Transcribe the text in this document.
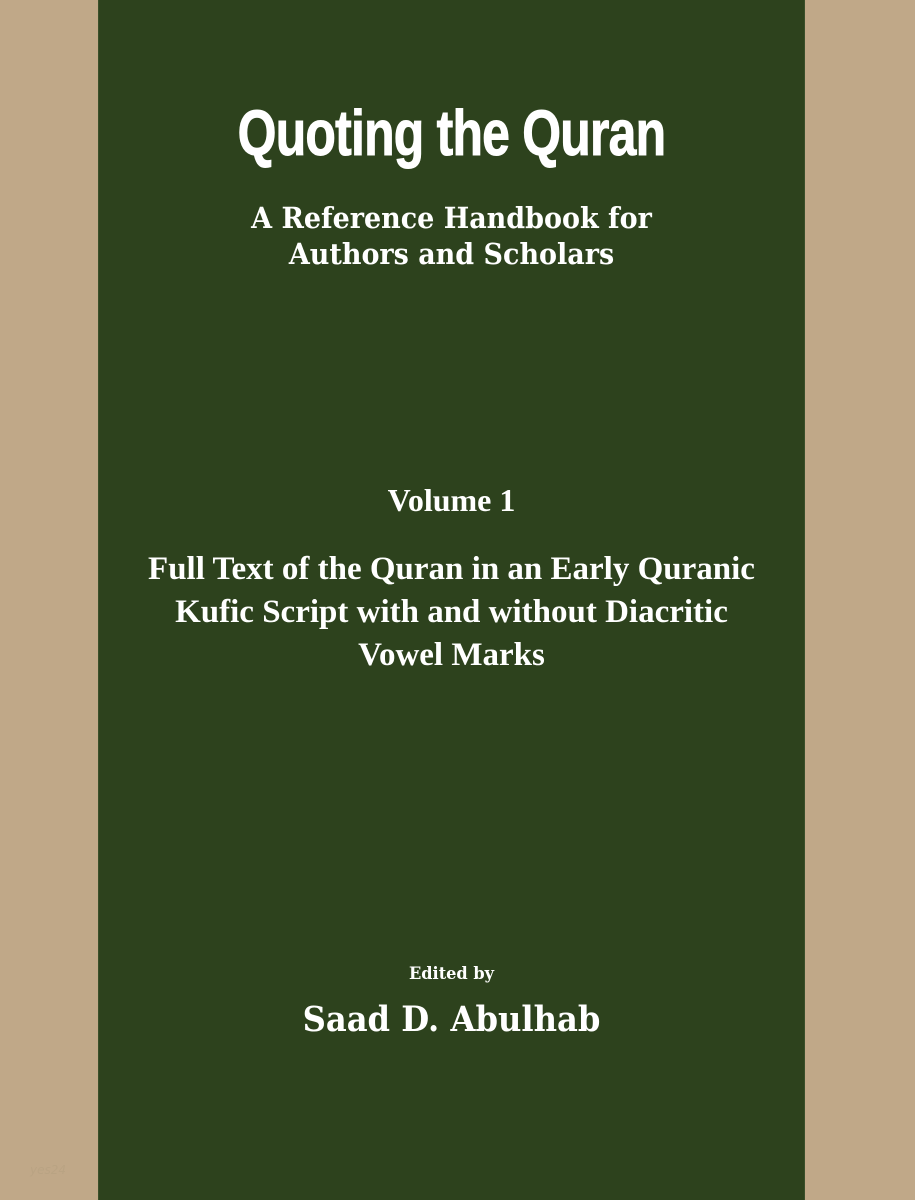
Quoting the Quran
A Reference Handbook for
Authors and Scholars
Volume 1
Full Text of the Quran in an Early Quranic
Kufic Script with and without Diacritic
Vowel Marks
Edited by
Saad D. Abulhab
yes24
